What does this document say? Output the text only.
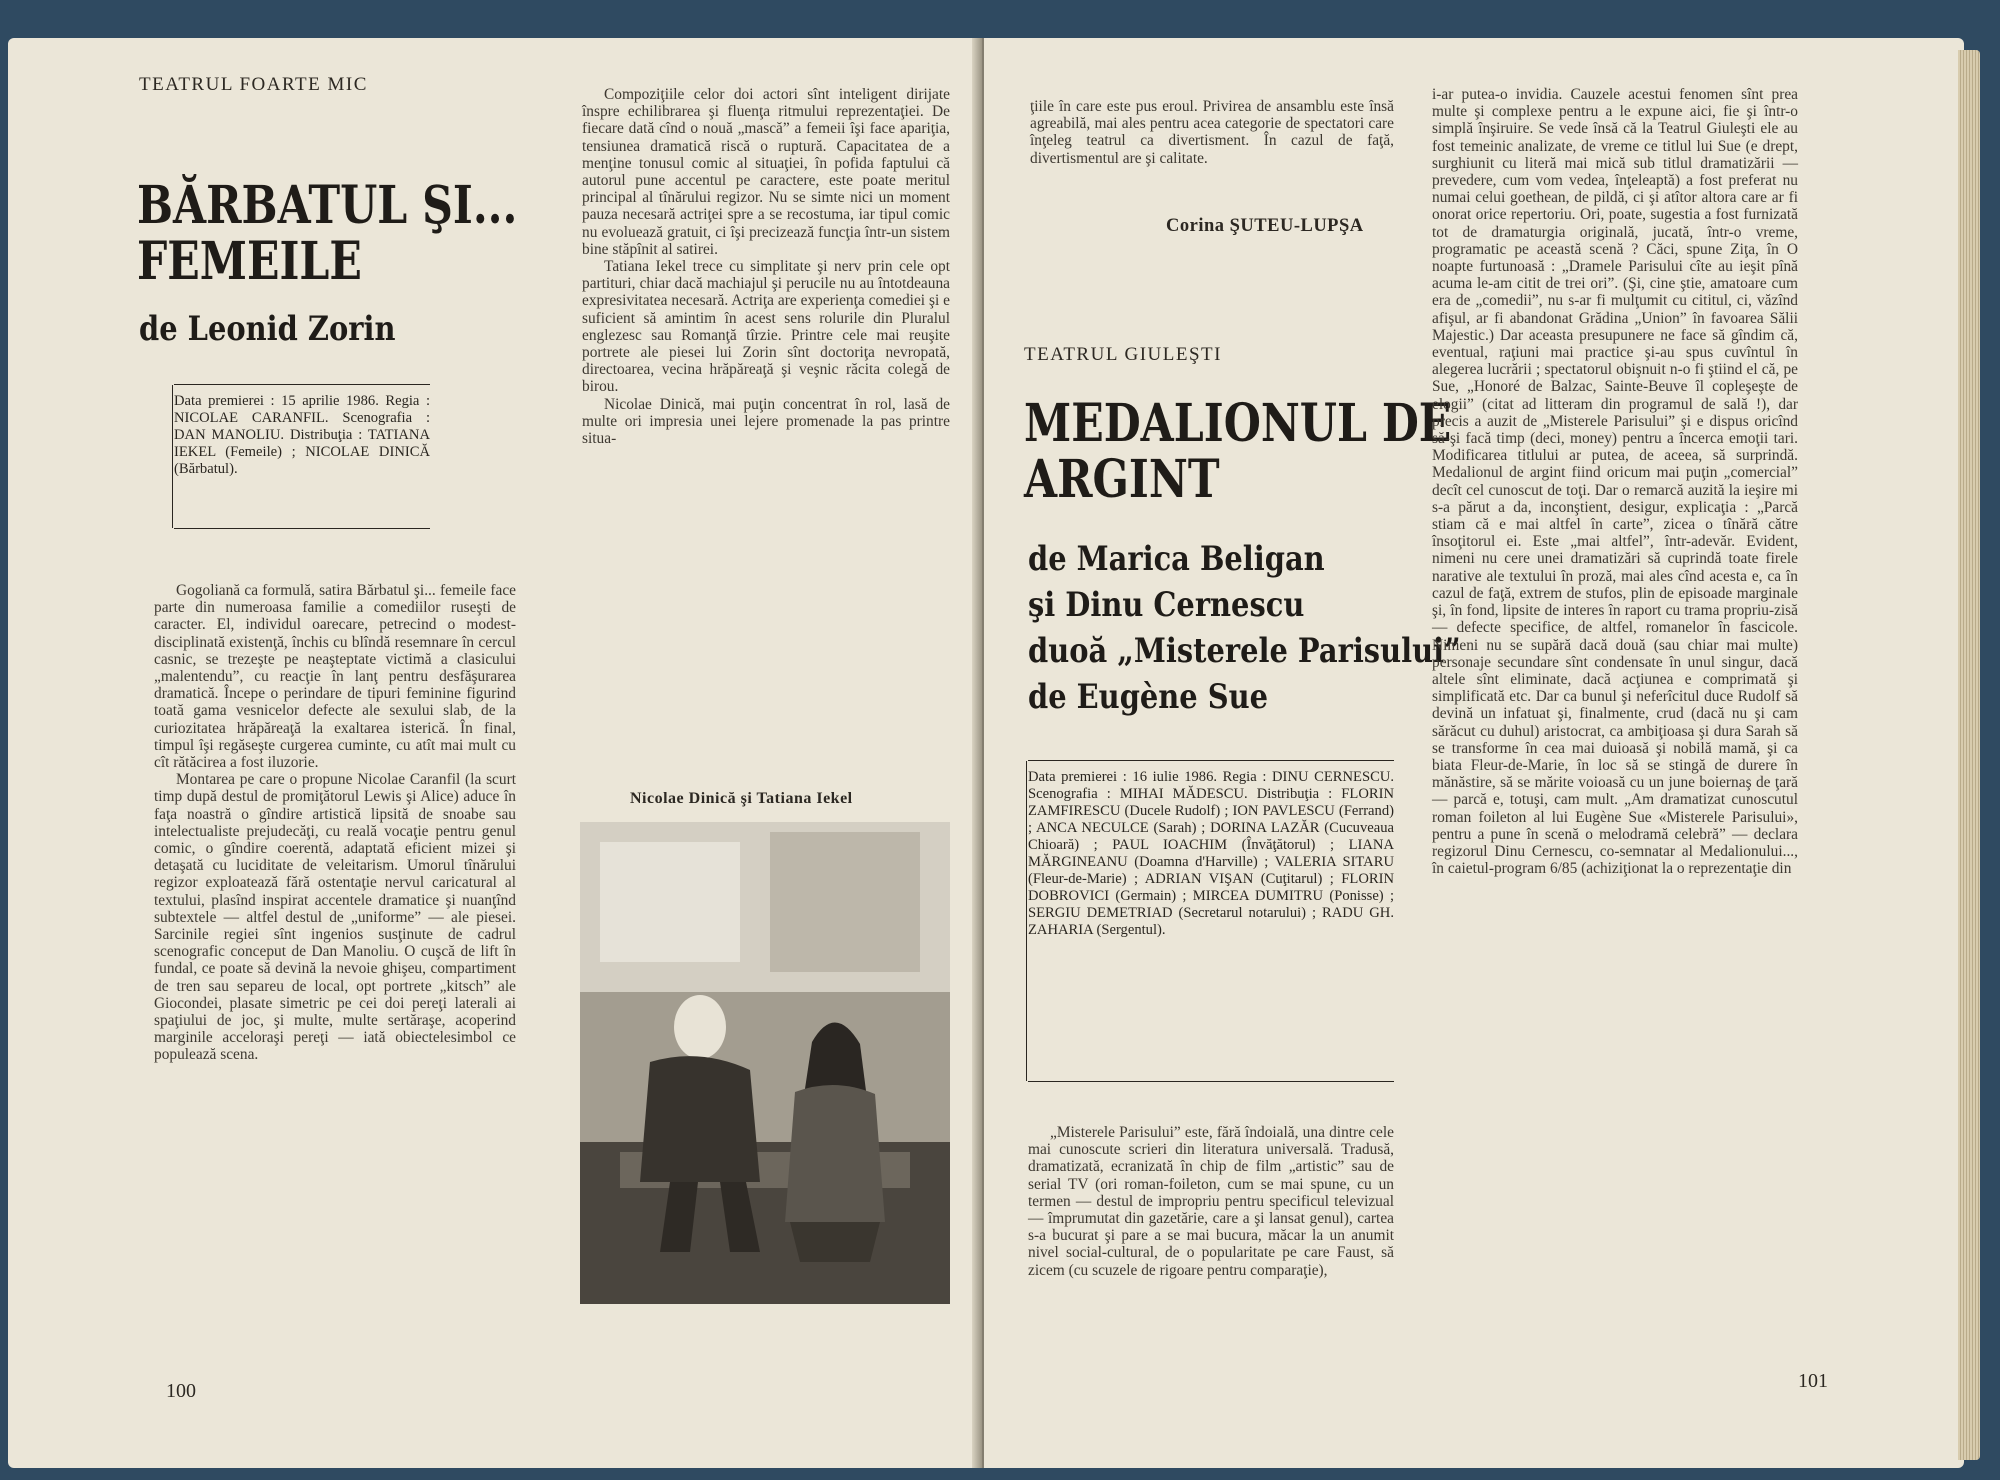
TEATRUL FOARTE MIC
BĂRBATUL ŞI...
FEMEILE
de Leonid Zorin

Data premierei : 15 aprilie 1986. Regia : NICOLAE CARANFIL. Scenografia : DAN MANOLIU. Distribuţia : TATIANA IEKEL (Femeile) ; NICOLAE DINICĂ (Bărbatul).

Gogoliană ca formulă, satira Bărbatul şi... femeile face parte din numeroasa familie a comediilor ruseşti de caracter. El, individul oarecare, petrecind o modest-disciplinată existenţă, închis cu blîndă resemnare în cercul casnic, se trezeşte pe neaşteptate victimă a clasicului „malentendu”, cu reacţie în lanţ pentru desfăşurarea dramatică. Începe o perindare de tipuri feminine figurind toată gama vesnicelor defecte ale sexului slab, de la curiozitatea hrăpăreaţă la exaltarea isterică. În final, timpul îşi regăseşte curgerea cuminte, cu atît mai mult cu cît rătăcirea a fost iluzorie.

Montarea pe care o propune Nicolae Caranfil (la scurt timp după destul de promiţătorul Lewis şi Alice) aduce în faţa noastră o gîndire artistică lipsită de snoabe sau intelectualiste prejudecăţi, cu reală vocaţie pentru genul comic, o gîndire coerentă, adaptată eficient mizei şi detaşată cu luciditate de veleitarism. Umorul tînărului regizor exploatează fără ostentaţie nervul caricatural al textului, plasînd inspirat accentele dramatice şi nuanţînd subtextele — altfel destul de „uniforme” — ale piesei. Sarcinile regiei sînt ingenios susţinute de cadrul scenografic conceput de Dan Manoliu. O cuşcă de lift în fundal, ce poate să devină la nevoie ghişeu, compartiment de tren sau separeu de local, opt portrete „kitsch” ale Giocondei, plasate simetric pe cei doi pereţi laterali ai spaţiului de joc, şi multe, multe sertăraşe, acoperind marginile acceloraşi pereţi — iată obiectelesimbol ce populează scena.

Compoziţiile celor doi actori sînt inteligent dirijate înspre echilibrarea şi fluenţa ritmului reprezentaţiei. De fiecare dată cînd o nouă „mască” a femeii îşi face apariţia, tensiunea dramatică riscă o ruptură. Capacitatea de a menţine tonusul comic al situaţiei, în pofida faptului că autorul pune accentul pe caractere, este poate meritul principal al tînărului regizor. Nu se simte nici un moment pauza necesară actriţei spre a se recostuma, iar tipul comic nu evoluează gratuit, ci îşi precizează funcţia într-un sistem bine stăpînit al satirei.

Tatiana Iekel trece cu simplitate şi nerv prin cele opt partituri, chiar dacă machiajul şi perucile nu au întotdeauna expresivitatea necesară. Actriţa are experienţa comediei şi e suficient să amintim în acest sens rolurile din Pluralul englezesc sau Romanţă tîrzie. Printre cele mai reuşite portrete ale piesei lui Zorin sînt doctoriţa nevropată, directoarea, vecina hrăpăreaţă şi veşnic răcita colegă de birou.

Nicolae Dinică, mai puţin concentrat în rol, lasă de multe ori impresia unei lejere promenade la pas printre situa-

Nicolae Dinică şi Tatiana Iekel
100

ţiile în care este pus eroul. Privirea de ansamblu este însă agreabilă, mai ales pentru acea categorie de spectatori care înţeleg teatrul ca divertisment. În cazul de faţă, divertismentul are şi calitate.

Corina ŞUTEU-LUPŞA
TEATRUL GIULEŞTI
MEDALIONUL DE
ARGINT
de Marica Beligan
şi Dinu Cernescu
duoă „Misterele Parisului”
de Eugène Sue

Data premierei : 16 iulie 1986. Regia : DINU CERNESCU. Scenografia : MIHAI MĂDESCU. Distribuţia : FLORIN ZAMFIRESCU (Ducele Rudolf) ; ION PAVLESCU (Ferrand) ; ANCA NECULCE (Sarah) ; DORINA LAZĂR (Cucuveaua Chioară) ; PAUL IOACHIM (Învăţătorul) ; LIANA MĂRGINEANU (Doamna d'Harville) ; VALERIA SITARU (Fleur-de-Marie) ; ADRIAN VIŞAN (Cuţitarul) ; FLORIN DOBROVICI (Germain) ; MIRCEA DUMITRU (Ponisse) ; SERGIU DEMETRIAD (Secretarul notarului) ; RADU GH. ZAHARIA (Sergentul).

„Misterele Parisului” este, fără îndoială, una dintre cele mai cunoscute scrieri din literatura universală. Tradusă, dramatizată, ecranizată în chip de film „artistic” sau de serial TV (ori roman-foileton, cum se mai spune, cu un termen — destul de impropriu pentru specificul televizual — împrumutat din gazetărie, care a şi lansat genul), cartea s-a bucurat şi pare a se mai bucura, măcar la un anumit nivel social-cultural, de o popularitate pe care Faust, să zicem (cu scuzele de rigoare pentru comparaţie),

i-ar putea-o invidia. Cauzele acestui fenomen sînt prea multe şi complexe pentru a le expune aici, fie şi într-o simplă înşiruire. Se vede însă că la Teatrul Giuleşti ele au fost temeinic analizate, de vreme ce titlul lui Sue (e drept, surghiunit cu literă mai mică sub titlul dramatizării — prevedere, cum vom vedea, înţeleaptă) a fost preferat nu numai celui goethean, de pildă, ci şi atîtor altora care ar fi onorat orice repertoriu. Ori, poate, sugestia a fost furnizată tot de dramaturgia originală, jucată, într-o vreme, programatic pe această scenă ? Căci, spune Ziţa, în O noapte furtunoasă : „Dramele Parisului cîte au ieşit pînă acuma le-am citit de trei ori”. (Şi, cine ştie, amatoare cum era de „comedii”, nu s-ar fi mulţumit cu cititul, ci, văzînd afişul, ar fi abandonat Grădina „Union” în favoarea Sălii Majestic.) Dar aceasta presupunere ne face să gîndim că, eventual, raţiuni mai practice şi-au spus cuvîntul în alegerea lucrării ; spectatorul obişnuit n-o fi ştiind el că, pe Sue, „Honoré de Balzac, Sainte-Beuve îl copleşeşte de elogii” (citat ad litteram din programul de sală !), dar precis a auzit de „Misterele Parisului” şi e dispus oricînd să-şi facă timp (deci, money) pentru a încerca emoţii tari. Modificarea titlului ar putea, de aceea, să surprindă. Medalionul de argint fiind oricum mai puţin „comercial” decît cel cunoscut de toţi. Dar o remarcă auzită la ieşire mi s-a părut a da, inconştient, desigur, explicaţia : „Parcă stiam că e mai altfel în carte”, zicea o tînără către însoţitorul ei. Este „mai altfel”, într-adevăr. Evident, nimeni nu cere unei dramatizări să cuprindă toate firele narative ale textului în proză, mai ales cînd acesta e, ca în cazul de faţă, extrem de stufos, plin de episoade marginale şi, în fond, lipsite de interes în raport cu trama propriu-zisă — defecte specifice, de altfel, romanelor în fascicole. Nimeni nu se supără dacă două (sau chiar mai multe) personaje secundare sînt condensate în unul singur, dacă altele sînt eliminate, dacă acţiunea e comprimată şi simplificată etc. Dar ca bunul şi neferîcitul duce Rudolf să devină un infatuat şi, finalmente, crud (dacă nu şi cam sărăcut cu duhul) aristocrat, ca ambiţioasa şi dura Sarah să se transforme în cea mai duioasă şi nobilă mamă, şi ca biata Fleur-de-Marie, în loc să se stingă de durere în mănăstire, să se mărite voioasă cu un june boiernaş de ţară — parcă e, totuşi, cam mult. „Am dramatizat cunoscutul roman foileton al lui Eugène Sue «Misterele Parisului», pentru a pune în scenă o melodramă celebră” — declara regizorul Dinu Cernescu, co-semnatar al Medalionului..., în caietul-program 6/85 (achiziţionat la o reprezentaţie din

101
